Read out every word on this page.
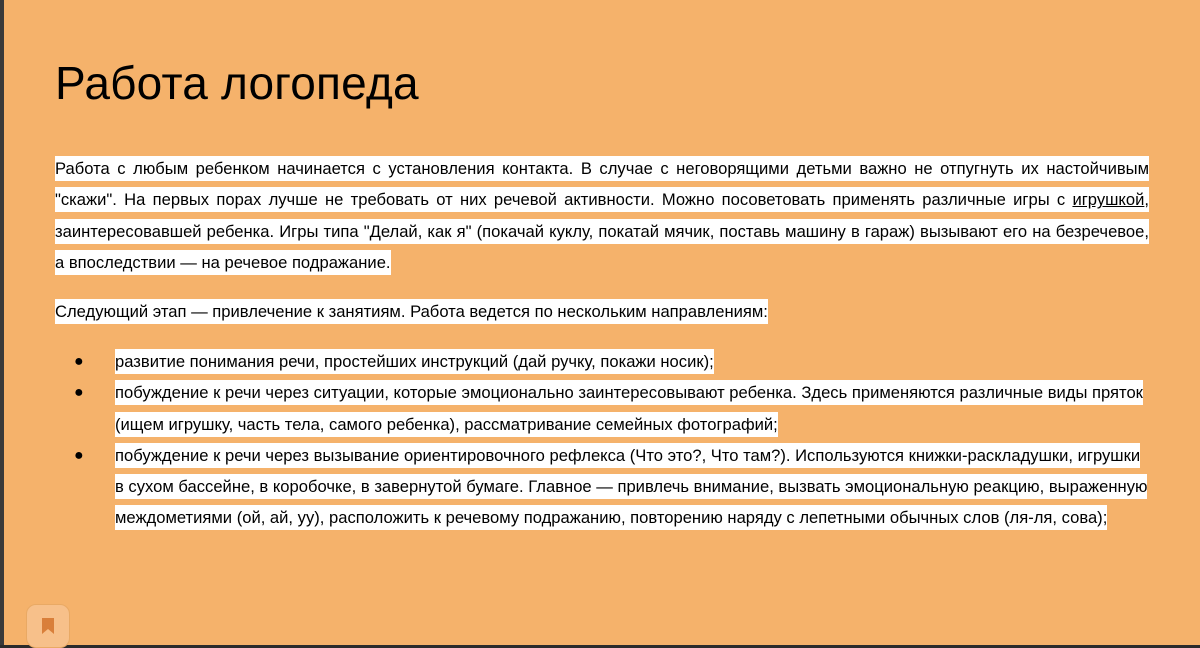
Работа логопеда

Работа с любым ребенком начинается с установления контакта. В случае с неговорящими детьми важно не отпугнуть их настойчивым "скажи". На первых порах лучше не требовать от них речевой активности. Можно посоветовать применять различные игры с игрушкой, заинтересовавшей ребенка. Игры типа "Делай, как я" (покачай куклу, покатай мячик, поставь машину в гараж) вызывают его на безречевое, а впоследствии — на речевое подражание.

Следующий этап — привлечение к занятиям. Работа ведется по нескольким направлениям:

● развитие понимания речи, простейших инструкций (дай ручку, покажи носик);
● побуждение к речи через ситуации, которые эмоционально заинтересовывают ребенка. Здесь применяются различные виды пряток (ищем игрушку, часть тела, самого ребенка), рассматривание семейных фотографий;
● побуждение к речи через вызывание ориентировочного рефлекса (Что это?, Что там?). Используются книжки-раскладушки, игрушки в сухом бассейне, в коробочке, в завернутой бумаге. Главное — привлечь внимание, вызвать эмоциональную реакцию, выраженную междометиями (ой, ай, уу), расположить к речевому подражанию, повторению наряду с лепетными обычных слов (ля-ля, сова);
